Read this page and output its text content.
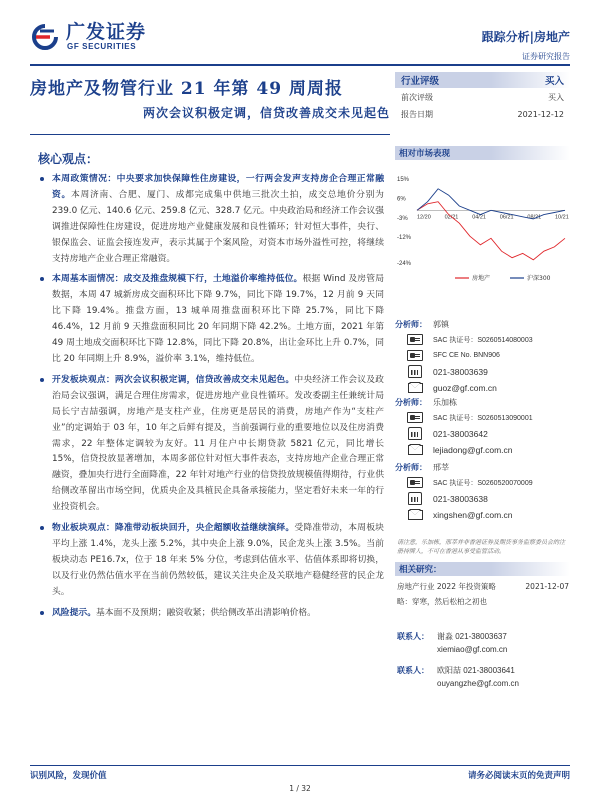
广发证券
GF SECURITIES
跟踪分析|房地产
证券研究报告
房地产及物管行业 21 年第 49 周周报
两次会议积极定调，信贷改善成交未见起色
行业评级	买入
前次评级	买入
报告日期	2021-12-12
核心观点：
本周政策情况：中央要求加快保障性住房建设，一行两会发声支持房企合理正常融资。本周济南、合肥、厦门、成都完成集中供地三批次土拍，成交总地价分别为 239.0 亿元、140.6 亿元、259.8 亿元、328.7 亿元。中央政治局和经济工作会议强调推进保障性住房建设，促进房地产业健康发展和良性循环；针对恒大事件，央行、银保监会、证监会接连发声，表示其属于个案风险，对资本市场外溢性可控，将继续支持房地产企业合理正常融资。
本周基本面情况：成交及推盘规模下行，土地溢价率维持低位。根据 Wind 及房管局数据，本周 47 城新房成交面积环比下降 9.7%，同比下降 19.7%，12 月前 9 天同比下降 19.4%。推盘方面，13 城单周推盘面积环比下降 25.7%，同比下降 46.4%，12 月前 9 天推盘面积同比 20 年同期下降 42.2%。土地方面，2021 年第 49 周土地成交面积环比下降 12.8%，同比下降 20.8%，出让金环比上升 0.7%，同比 20 年同期上升 8.9%，溢价率 3.1%，维持低位。
开发板块观点：两次会议积极定调，信贷改善成交未见起色。中央经济工作会议及政治局会议强调，满足合理住房需求，促进房地产业良性循环。发改委副主任兼统计局局长宁吉喆强调，房地产是支柱产业，住房更是居民的消费，房地产作为“支柱产业”的定调始于 03 年，10 年之后鲜有提及，当前强调行业的重要地位以及住房消费需求，22 年整体定调较为友好。11 月住户中长期贷款 5821 亿元，同比增长 15%，信贷投放显著增加，本周多部位针对恒大事件表态，支持房地产企业合理正常融资，叠加央行进行全面降准，22 年针对地产行业的信贷投放规模值得期待，行业供给侧改革留出市场空间，优质央企及具植民企具备承接能力，坚定看好未来一年的行业投资机会。
物业板块观点：降准带动板块回升，央企超额收益继续演绎。受降准带动，本周板块平均上涨 1.4%，龙头上涨 5.2%，其中央企上涨 9.0%，民企龙头上涨 3.5%。当前板块动态 PE16.7x，位于 18 年来 5% 分位，考虑到估值水平、估值体系即将切换，以及行业仍然估值水平在当前仍然较低，建议关注央企及关联地产稳健经营的民企龙头。
风险提示。基本面不及预期；融资收紧；供给侧改革出清影响价格。
相对市场表现
15%
6%
-3%
-12%
-24%
12/20	02/21	04/21	06/21	08/21	10/21
房地产	沪深300
分析师： 郭镇
SAC 执证号：S0260514080003
SFC CE No. BNN906
021-38003639
guoz@gf.com.cn
分析师： 乐加栋
SAC 执证号：S0260513090001
021-38003642
lejiadong@gf.com.cn
分析师： 邢莘
SAC 执证号：S0260520070009
021-38003638
xingshen@gf.com.cn
请注意，乐加栋，邢莘并非香港证券及期货事务监察委员会的注册持牌人，不可在香港从事受监管活动。
相关研究：
房地产行业 2022 年投资策略	2021-12-07
略：穿寒，然后松柏之初也
联系人：	谢淼 021-38003637
xiemiao@gf.com.cn
联系人：	欧阳喆 021-38003641
ouyangzhe@gf.com.cn
识别风险，发现价值	请务必阅读末页的免责声明
1 / 32
